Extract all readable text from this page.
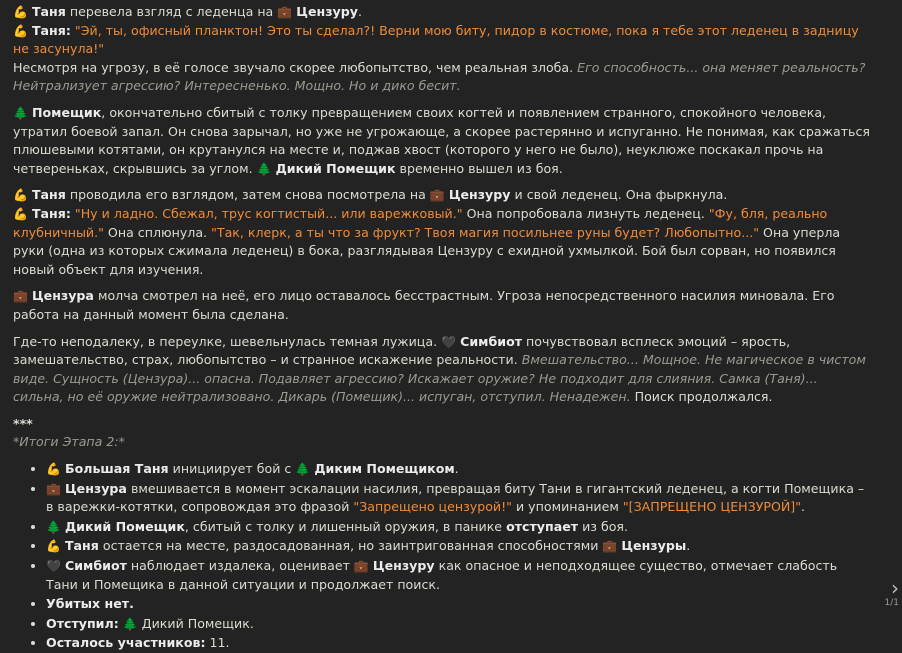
💪 Таня перевела взгляд с леденца на 💼 Цензуру.
💪 Таня: "Эй, ты, офисный планктон! Это ты сделал?! Верни мою биту, пидор в костюме, пока я тебе этот леденец в задницу не засунула!"
Несмотря на угрозу, в её голосе звучало скорее любопытство, чем реальная злоба. Его способность... она меняет реальность? Нейтрализует агрессию? Интересненько. Мощно. Но и дико бесит.

🌲 Помещик, окончательно сбитый с толку превращением своих когтей и появлением странного, спокойного человека, утратил боевой запал. Он снова зарычал, но уже не угрожающе, а скорее растерянно и испуганно. Не понимая, как сражаться плюшевыми котятами, он крутанулся на месте и, поджав хвост (которого у него не было), неуклюже поскакал прочь на четвереньках, скрывшись за углом. 🌲 Дикий Помещик временно вышел из боя.

💪 Таня проводила его взглядом, затем снова посмотрела на 💼 Цензуру и свой леденец. Она фыркнула.
💪 Таня: "Ну и ладно. Сбежал, трус когтистый... или варежковый." Она попробовала лизнуть леденец. "Фу, бля, реально клубничный." Она сплюнула. "Так, клерк, а ты что за фрукт? Твоя магия посильнее руны будет? Любопытно..." Она уперла руки (одна из которых сжимала леденец) в бока, разглядывая Цензуру с ехидной ухмылкой. Бой был сорван, но появился новый объект для изучения.

💼 Цензура молча смотрел на неё, его лицо оставалось бесстрастным. Угроза непосредственного насилия миновала. Его работа на данный момент была сделана.

Где-то неподалеку, в переулке, шевельнулась темная лужица. 🖤 Симбиот почувствовал всплеск эмоций – ярость, замешательство, страх, любопытство – и странное искажение реальности. Вмешательство... Мощное. Не магическое в чистом виде. Сущность (Цензура)... опасна. Подавляет агрессию? Искажает оружие? Не подходит для слияния. Самка (Таня)... сильна, но её оружие нейтрализовано. Дикарь (Помещик)... испуган, отступил. Ненадежен. Поиск продолжался.

***

*Итоги Этапа 2:*
• 💪 Большая Таня инициирует бой с 🌲 Диким Помещиком.
• 💼 Цензура вмешивается в момент эскалации насилия, превращая биту Тани в гигантский леденец, а когти Помещика – в варежки-котятки, сопровождая это фразой "Запрещено цензурой!" и упоминанием "[ЗАПРЕЩЕНО ЦЕНЗУРОЙ]".
• 🌲 Дикий Помещик, сбитый с толку и лишенный оружия, в панике отступает из боя.
• 💪 Таня остается на месте, раздосадованная, но заинтригованная способностями 💼 Цензуры.
• 🖤 Симбиот наблюдает издалека, оценивает 💼 Цензуру как опасное и неподходящее существо, отмечает слабость Тани и Помещика в данной ситуации и продолжает поиск.
• Убитых нет.
• Отступил: 🌲 Дикий Помещик.
• Осталось участников: 11.
›
1/1
